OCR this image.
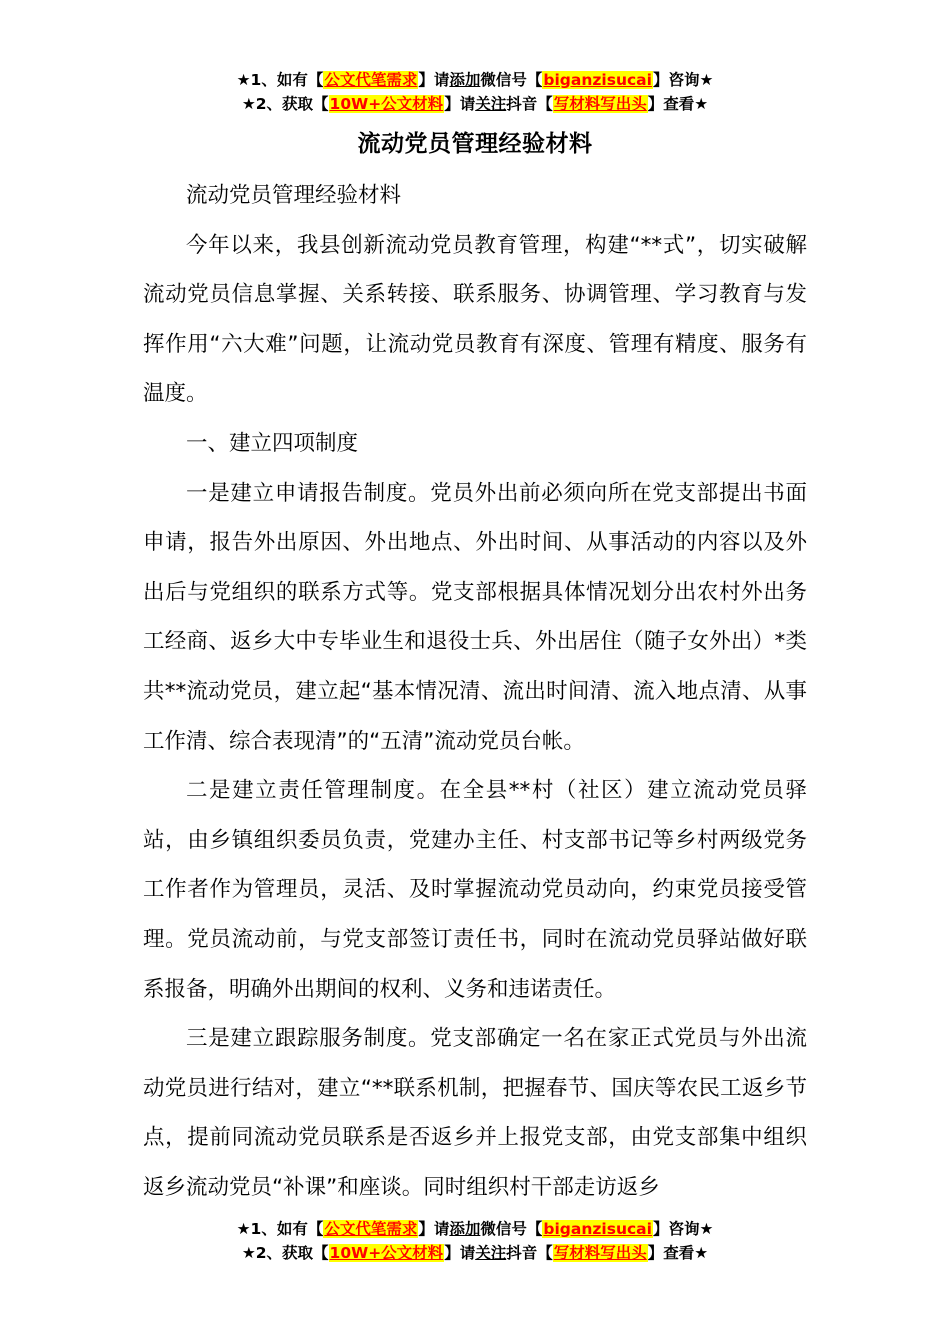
★1、如有【公文代笔需求】请添加微信号【biganzisucai】咨询★
★2、获取【10W+公文材料】请关注抖音【写材料写出头】查看★
流动党员管理经验材料

流动党员管理经验材料

今年以来，我县创新流动党员教育管理，构建“**式”，切实破解流动党员信息掌握、关系转接、联系服务、协调管理、学习教育与发挥作用“六大难”问题，让流动党员教育有深度、管理有精度、服务有温度。

一、建立四项制度

一是建立申请报告制度。党员外出前必须向所在党支部提出书面申请，报告外出原因、外出地点、外出时间、从事活动的内容以及外出后与党组织的联系方式等。党支部根据具体情况划分出农村外出务工经商、返乡大中专毕业生和退役士兵、外出居住（随子女外出）*类共**流动党员，建立起“基本情况清、流出时间清、流入地点清、从事工作清、综合表现清”的“五清”流动党员台帐。

二是建立责任管理制度。在全县**村（社区）建立流动党员驿站，由乡镇组织委员负责，党建办主任、村支部书记等乡村两级党务工作者作为管理员，灵活、及时掌握流动党员动向，约束党员接受管理。党员流动前，与党支部签订责任书，同时在流动党员驿站做好联系报备，明确外出期间的权利、义务和违诺责任。

三是建立跟踪服务制度。党支部确定一名在家正式党员与外出流动党员进行结对，建立“**联系机制，把握春节、国庆等农民工返乡节点，提前同流动党员联系是否返乡并上报党支部，由党支部集中组织返乡流动党员“补课”和座谈。同时组织村干部走访返乡

★1、如有【公文代笔需求】请添加微信号【biganzisucai】咨询★
★2、获取【10W+公文材料】请关注抖音【写材料写出头】查看★
